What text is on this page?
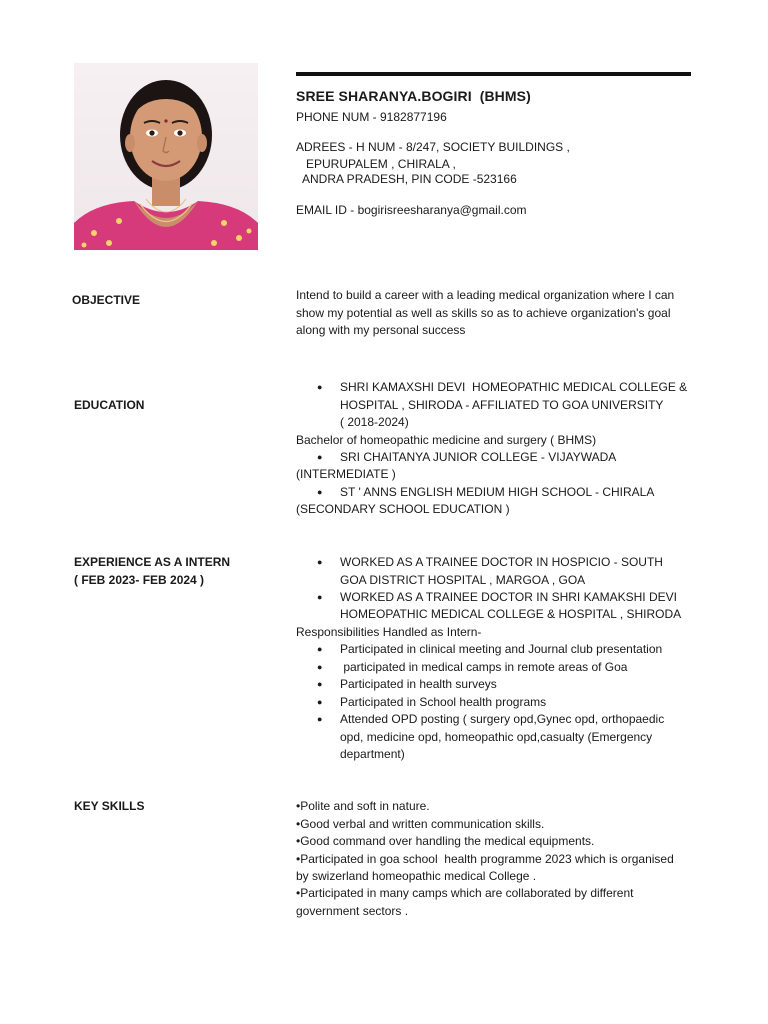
SREE SHARANYA.BOGIRI  (BHMS)
PHONE NUM - 9182877196
ADREES - H NUM - 8/247, SOCIETY BUILDINGS ,
EPURUPALEM , CHIRALA ,
ANDRA PRADESH, PIN CODE -523166
EMAIL ID - bogirisreesharanya@gmail.com
OBJECTIVE	Intend to build a career with a leading medical organization where I can
show my potential as well as skills so as to achieve organization's goal
along with my personal success
EDUCATION
● SHRI KAMAXSHI DEVI  HOMEOPATHIC MEDICAL COLLEGE &
HOSPITAL , SHIRODA - AFFILIATED TO GOA UNIVERSITY
( 2018-2024)
Bachelor of homeopathic medicine and surgery ( BHMS)
● SRI CHAITANYA JUNIOR COLLEGE - VIJAYWADA
(INTERMEDIATE )
● ST ' ANNS ENGLISH MEDIUM HIGH SCHOOL - CHIRALA
(SECONDARY SCHOOL EDUCATION )
EXPERIENCE AS A INTERN
( FEB 2023- FEB 2024 )
● WORKED AS A TRAINEE DOCTOR IN HOSPICIO - SOUTH
GOA DISTRICT HOSPITAL , MARGOA , GOA
● WORKED AS A TRAINEE DOCTOR IN SHRI KAMAKSHI DEVI
HOMEOPATHIC MEDICAL COLLEGE & HOSPITAL , SHIRODA
Responsibilities Handled as Intern-
● Participated in clinical meeting and Journal club presentation
● participated in medical camps in remote areas of Goa
● Participated in health surveys
● Participated in School health programs
● Attended OPD posting ( surgery opd,Gynec opd, orthopaedic
opd, medicine opd, homeopathic opd,casualty (Emergency
department)
KEY SKILLS	•Polite and soft in nature.
•Good verbal and written communication skills.
•Good command over handling the medical equipments.
•Participated in goa school  health programme 2023 which is organised
by swizerland homeopathic medical College .
•Participated in many camps which are collaborated by different
government sectors .
